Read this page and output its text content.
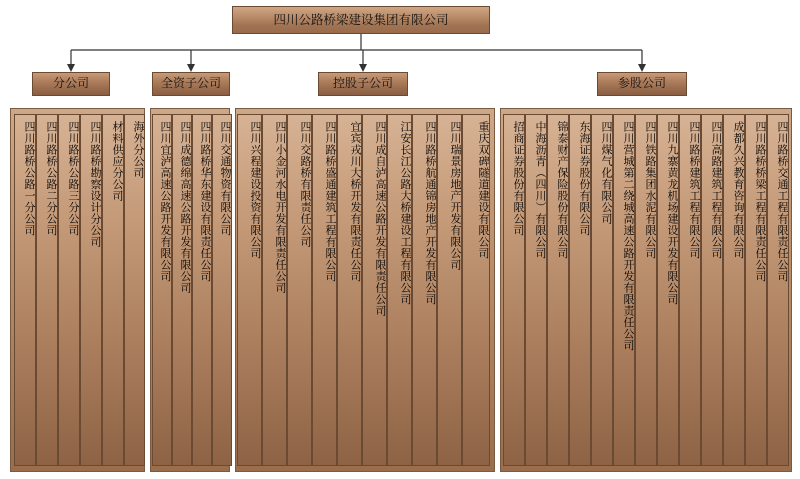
四川公路桥梁建设集团有限公司
分公司	全资子公司	控股子公司	参股公司
四川路桥公路一分公司 四川路桥公路二分公司 四川路桥公路三分公司 四川路桥勘察设计分公司 材料供应分公司 海外分公司	四川宜泸高速公路开发有限公司 四川成德绵高速公路开发有限公司 四川路桥华东建设有限责任公司 四川交通物资有限公司	四川兴程建设投资有限公司	四川小金河水电开发有限责任公司	四川交路桥有限责任公司	四川路桥盛通建筑工程有限公司	宜宾戎川大桥开发有限责任公司	四川成自泸高速公路开发有限责任公司	江安长江公路大桥建设工程有限公司	四川路桥航通锦房地产开发有限公司	四川瑞景房地产开发有限公司	重庆双碑隧道建设有限公司	招商证券股份有限公司 中海沥青（四川）有限公司 锦泰财产保险股份有限公司 东海证券股份有限公司 四川煤气化有限公司 四川营城第二绕城高速公路开发有限责任公司 四川铁路集团水泥有限公司 四川九寨黄龙机场建设开发有限公司 四川路桥建筑工程有限公司 四川高路建筑工程有限公司 成都久兴教育咨询有限公司 四川路桥桥梁工程有限责任公司 四川路桥交通工程有限责任公司
